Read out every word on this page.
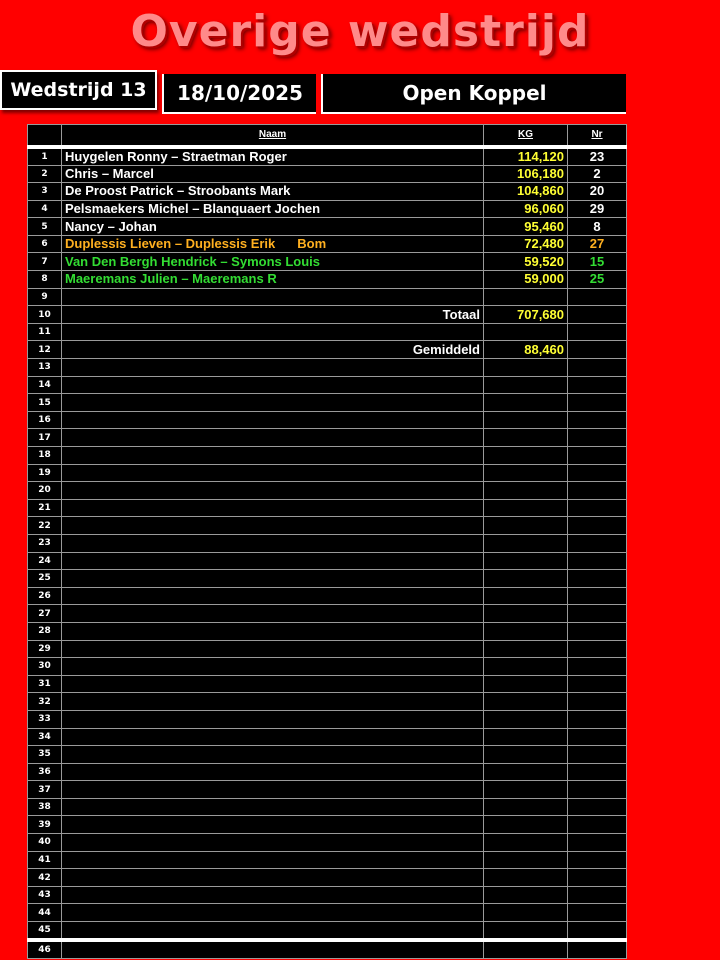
Overige wedstrijd
Wedstrijd 13	18/10/2025	Open Koppel
	Naam	KG	Nr
1	Huygelen Ronny – Straetman Roger	114,120	23
2	Chris – Marcel	106,180	2
3	De Proost Patrick – Stroobants Mark	104,860	20
4	Pelsmaekers Michel – Blanquaert Jochen	96,060	29
5	Nancy – Johan	95,460	8
6	Duplessis Lieven – Duplessis Erik Bom	72,480	27
7	Van Den Bergh Hendrick – Symons Louis	59,520	15
8	Maeremans Julien – Maeremans R	59,000	25
9			
10	Totaal	707,680	
11			
12	Gemiddeld	88,460	
13			
14			
15			
16			
17			
18			
19			
20			
21			
22			
23			
24			
25			
26			
27			
28			
29			
30			
31			
32			
33			
34			
35			
36			
37			
38			
39			
40			
41			
42			
43			
44			
45			
46			
